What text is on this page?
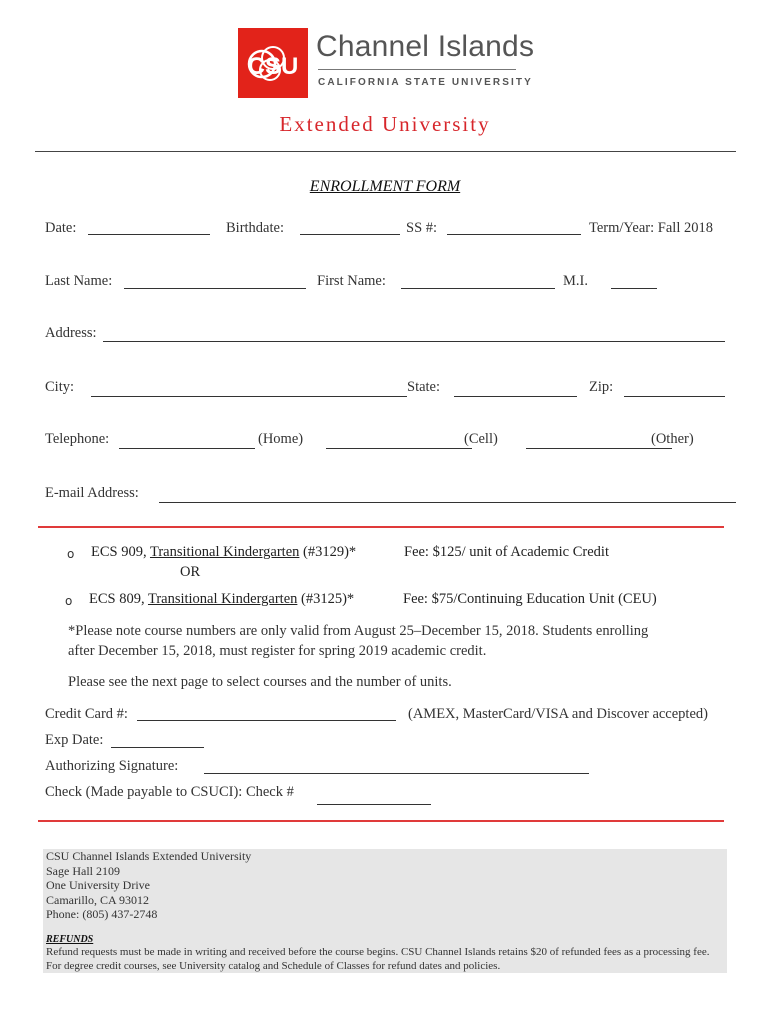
CSU
Channel Islands
CALIFORNIA STATE UNIVERSITY
Extended University
ENROLLMENT FORM
Date:	Birthdate:	SS #:	Term/Year: Fall 2018
Last Name:	First Name:	M.I.
Address:
City:	State:	Zip:
Telephone:	(Home)	(Cell)	(Other)
E-mail Address:
o ECS 909, Transitional Kindergarten (#3129)*	Fee: $125/ unit of Academic Credit
OR
o ECS 809, Transitional Kindergarten (#3125)*	Fee: $75/Continuing Education Unit (CEU)
*Please note course numbers are only valid from August 25–December 15, 2018. Students enrolling
after December 15, 2018, must register for spring 2019 academic credit.
Please see the next page to select courses and the number of units.
Credit Card #:	(AMEX, MasterCard/VISA and Discover accepted)
Exp Date:
Authorizing Signature:
Check (Made payable to CSUCI): Check #
CSU Channel Islands Extended University
Sage Hall 2109
One University Drive
Camarillo, CA 93012
Phone: (805) 437-2748
REFUNDS
Refund requests must be made in writing and received before the course begins. CSU Channel Islands retains $20 of refunded fees as a processing fee. For degree credit courses, see University catalog and Schedule of Classes for refund dates and policies.
